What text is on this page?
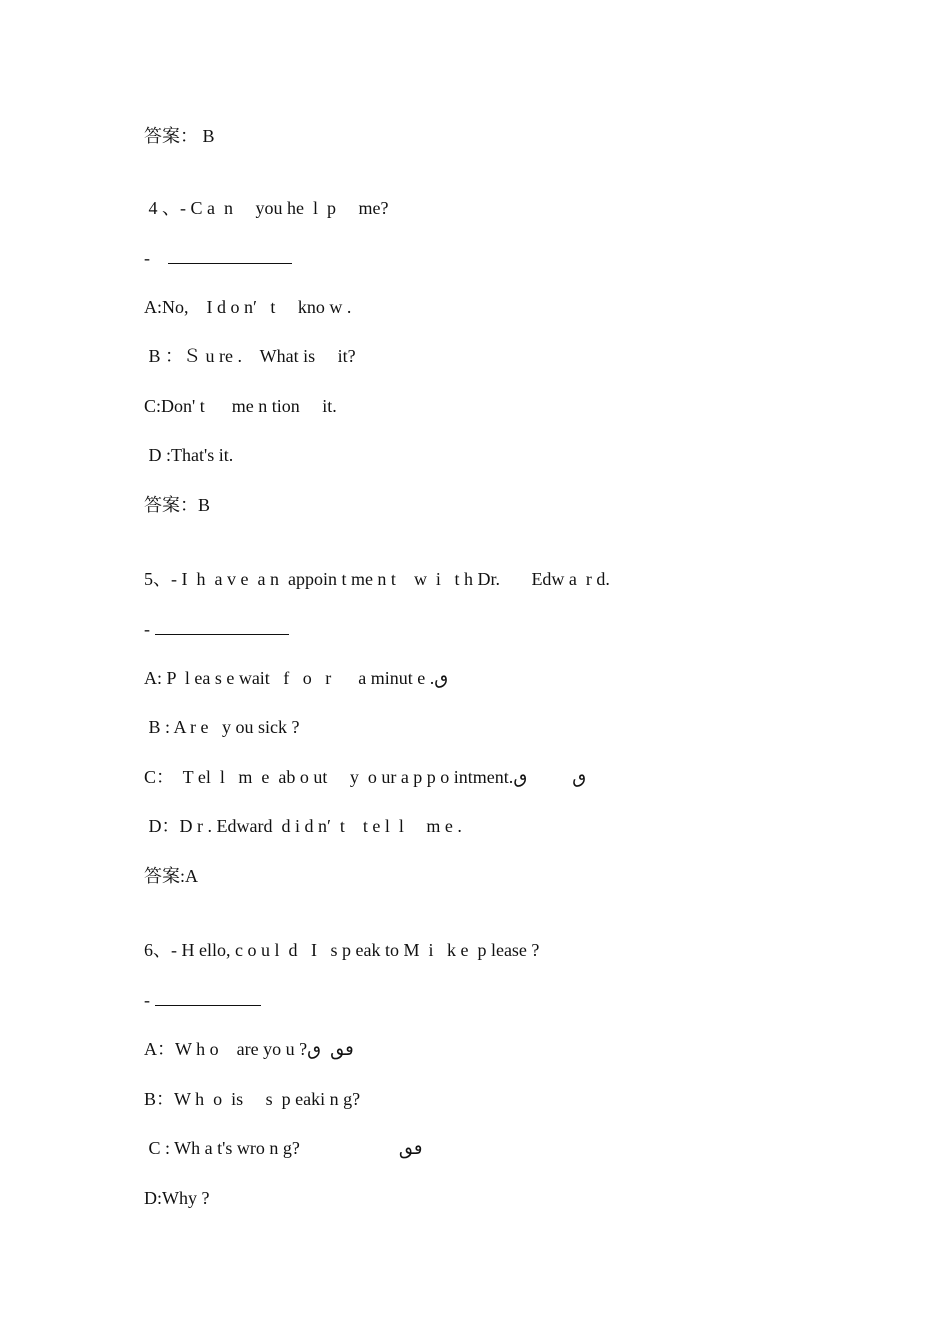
答案： B
4 、- C a  n     you he  l  p     me?
-
A:No,    I d o n′   t     kno w .
B ：Ｓ u re .    What is     it?
C:Don' t      me n tion     it.
D :That's it.
答案：B
5、- I  h  a v e  a n  appoin t me n t    w  i   t h Dr.       Edw a  r d.
-
A: P  l ea s e wait   f   o   r      a minut e .ٯ
B : A r e   y ou sick ?
C：  T el  l   m  e  ab o ut     y  o ur a p p o intment.ٯ          ٯ
D：D r . Edward  d i d n′  t    t e l  l     m e .
答案:A
6、- H ello, c o u l  d   I   s p eak to M  i   k e  p lease ?
-
A：W h o    are yo u ?ٯٯ  ٯ
B：W h  o  is     s  p eaki n g?
C : Wh a t's wro n g?                      ٯٯ
D:Why ?
